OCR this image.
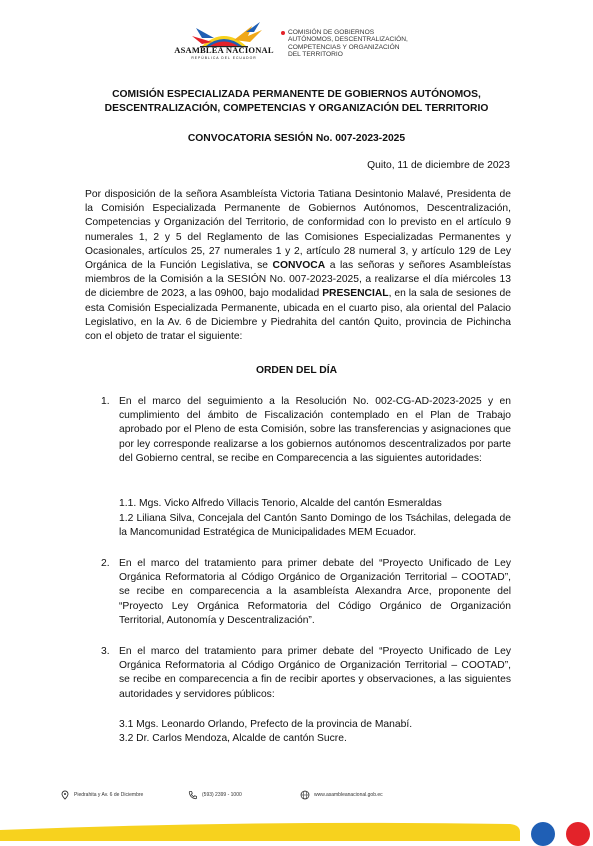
ASAMBLEA NACIONAL
REPÚBLICA DEL ECUADOR
COMISIÓN DE GOBIERNOS
AUTÓNOMOS, DESCENTRALIZACIÓN,
COMPETENCIAS Y ORGANIZACIÓN
DEL TERRITORIO
COMISIÓN ESPECIALIZADA PERMANENTE DE GOBIERNOS AUTÓNOMOS,
DESCENTRALIZACIÓN, COMPETENCIAS Y ORGANIZACIÓN DEL TERRITORIO
CONVOCATORIA SESIÓN No. 007-2023-2025
Quito, 11 de diciembre de 2023
Por disposición de la señora Asambleísta Victoria Tatiana Desintonio Malavé, Presidenta de la Comisión Especializada Permanente de Gobiernos Autónomos, Descentralización, Competencias y Organización del Territorio, de conformidad con lo previsto en el artículo 9 numerales 1, 2 y 5 del Reglamento de las Comisiones Especializadas Permanentes y Ocasionales, artículos 25, 27 numerales 1 y 2, artículo 28 numeral 3, y artículo 129 de Ley Orgánica de la Función Legislativa, se CONVOCA a las señoras y señores Asambleístas miembros de la Comisión a la SESIÓN No. 007-2023-2025, a realizarse el día miércoles 13 de diciembre de 2023, a las 09h00, bajo modalidad PRESENCIAL, en la sala de sesiones de esta Comisión Especializada Permanente, ubicada en el cuarto piso, ala oriental del Palacio Legislativo, en la Av. 6 de Diciembre y Piedrahita del cantón Quito, provincia de Pichincha con el objeto de tratar el siguiente:
ORDEN DEL DÍA
1. En el marco del seguimiento a la Resolución No. 002-CG-AD-2023-2025 y en cumplimiento del ámbito de Fiscalización contemplado en el Plan de Trabajo aprobado por el Pleno de esta Comisión, sobre las transferencias y asignaciones que por ley corresponde realizarse a los gobiernos autónomos descentralizados por parte del Gobierno central, se recibe en Comparecencia a las siguientes autoridades:
1.1. Mgs. Vicko Alfredo Villacis Tenorio, Alcalde del cantón Esmeraldas
1.2 Liliana Silva, Concejala del Cantón Santo Domingo de los Tsáchilas, delegada de la Mancomunidad Estratégica de Municipalidades MEM Ecuador.
2. En el marco del tratamiento para primer debate del “Proyecto Unificado de Ley Orgánica Reformatoria al Código Orgánico de Organización Territorial – COOTAD”, se recibe en comparecencia a la asambleísta Alexandra Arce, proponente del “Proyecto Ley Orgánica Reformatoria del Código Orgánico de Organización Territorial, Autonomía y Descentralización”.
3. En el marco del tratamiento para primer debate del “Proyecto Unificado de Ley Orgánica Reformatoria al Código Orgánico de Organización Territorial – COOTAD”, se recibe en comparecencia a fin de recibir aportes y observaciones, a las siguientes autoridades y servidores públicos:
3.1 Mgs. Leonardo Orlando, Prefecto de la provincia de Manabí.
3.2 Dr. Carlos Mendoza, Alcalde de cantón Sucre.
Piedrahita y Av. 6 de Diciembre	(593) 2399 - 1000	www.asambleanacional.gob.ec
